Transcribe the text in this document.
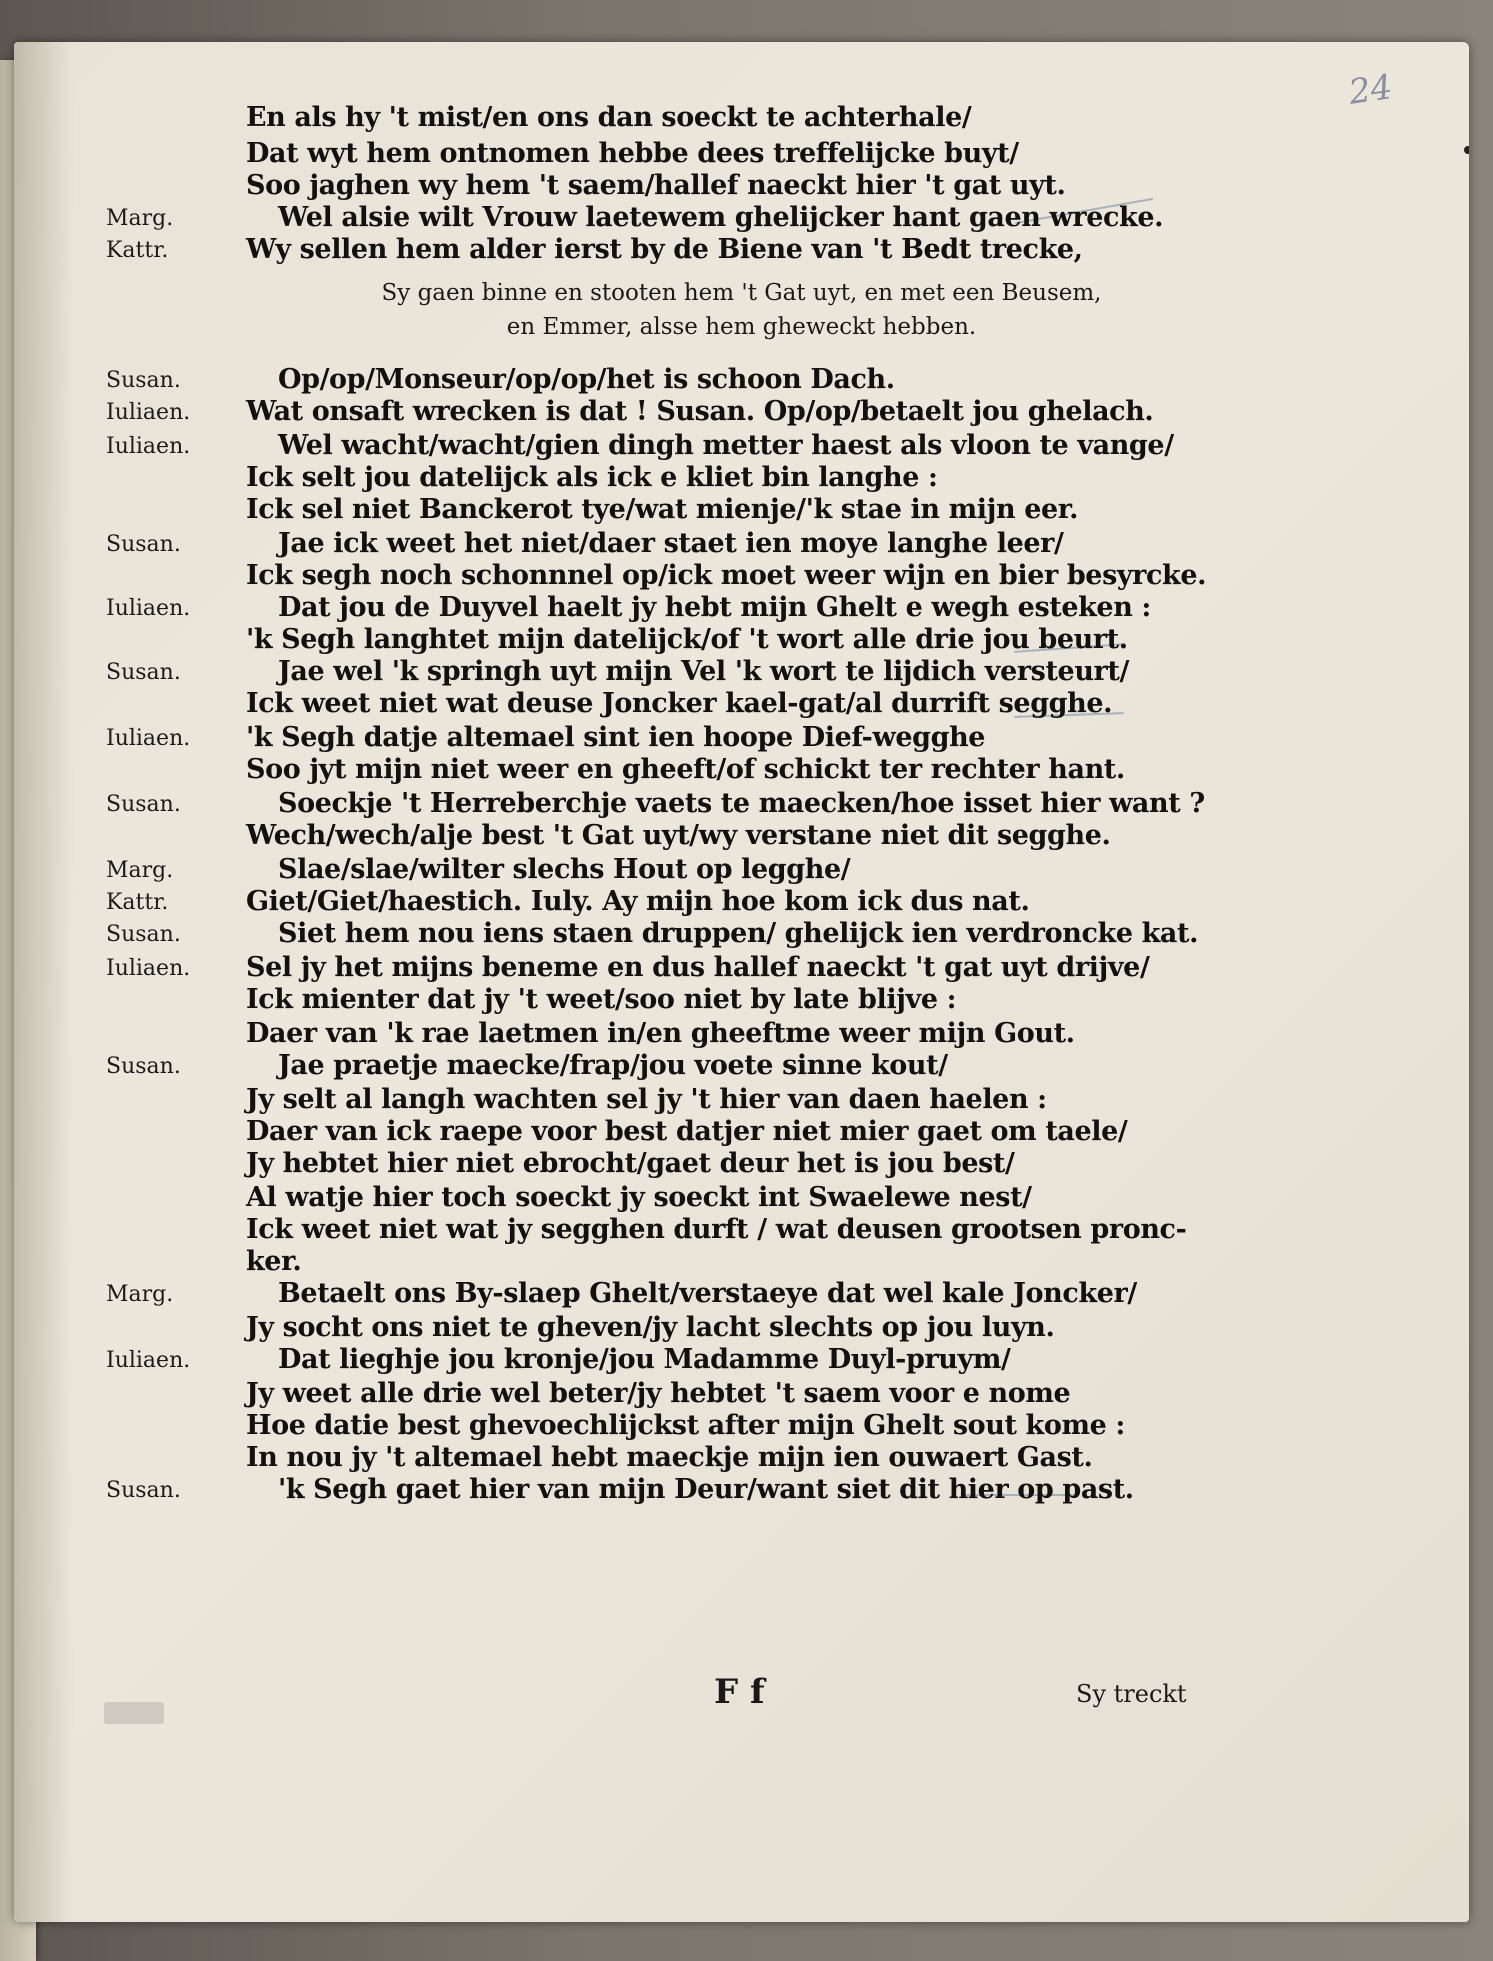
24
En als hy 't mist/en ons dan soeckt te achterhale/
Dat wyt hem ontnomen hebbe dees treffelijcke buyt/
Soo jaghen wy hem 't saem/hallef naeckt hier 't gat uyt.
Marg.	Wel alsie wilt Vrouw laetewem ghelijcker hant gaen wrecke.
Kattr.	Wy sellen hem alder ierst by de Biene van 't Bedt trecke,
Susan.	Op/op/Monseur/op/op/het is schoon Dach.
Iuliaen. Wat onsaft wrecken is dat ! Susan. Op/op/betaelt jou ghelach.
Iuliaen.	Wel wacht/wacht/gien dingh metter haest als vloon te vange/
Ick selt jou datelijck als ick e kliet bin langhe :
Ick sel niet Banckerot tye/wat mienje/'k stae in mijn eer.
Susan.	Jae ick weet het niet/daer staet ien moye langhe leer/
Ick segh noch schonnnel op/ick moet weer wijn en bier besyrcke.
Iuliaen.	Dat jou de Duyvel haelt jy hebt mijn Ghelt e wegh esteken :
'k Segh langhtet mijn datelijck/of 't wort alle drie jou beurt.
Susan.	Jae wel 'k springh uyt mijn Vel 'k wort te lijdich versteurt/
Ick weet niet wat deuse Joncker kael-gat/al durrift segghe.
Iuliaen. 'k Segh datje altemael sint ien hoope Dief-wegghe
Soo jyt mijn niet weer en gheeft/of schickt ter rechter hant.
Susan.	Soeckje 't Herreberchje vaets te maecken/hoe isset hier want ?
Wech/wech/alje best 't Gat uyt/wy verstane niet dit segghe.
Marg.	Slae/slae/wilter slechs Hout op legghe/
Kattr.	Giet/Giet/haestich. Iuly. Ay mijn hoe kom ick dus nat.
Susan.	Siet hem nou iens staen druppen/ ghelijck ien verdroncke kat.
Iuliaen. Sel jy het mijns beneme en dus hallef naeckt 't gat uyt drijve/
Ick mienter dat jy 't weet/soo niet by late blijve :
Daer van 'k rae laetmen in/en gheeftme weer mijn Gout.
Susan.	Jae praetje maecke/frap/jou voete sinne kout/
Jy selt al langh wachten sel jy 't hier van daen haelen :
Daer van ick raepe voor best datjer niet mier gaet om taele/
Jy hebtet hier niet ebrocht/gaet deur het is jou best/
Al watje hier toch soeckt jy soeckt int Swaelewe nest/
Ick weet niet wat jy segghen durft / wat deusen grootsen pronc-
ker.
Marg.	Betaelt ons By-slaep Ghelt/verstaeye dat wel kale Joncker/
Jy socht ons niet te gheven/jy lacht slechts op jou luyn.
Iuliaen.	Dat lieghje jou kronje/jou Madamme Duyl-pruym/
Jy weet alle drie wel beter/jy hebtet 't saem voor e nome
Hoe datie best ghevoechlijckst after mijn Ghelt sout kome :
In nou jy 't altemael hebt maeckje mijn ien ouwaert Gast.
Susan.	'k Segh gaet hier van mijn Deur/want siet dit hier op past.
Sy gaen binne en stooten hem 't Gat uyt, en met een Beusem,
en Emmer, alsse hem gheweckt hebben.
F f	Sy treckt
